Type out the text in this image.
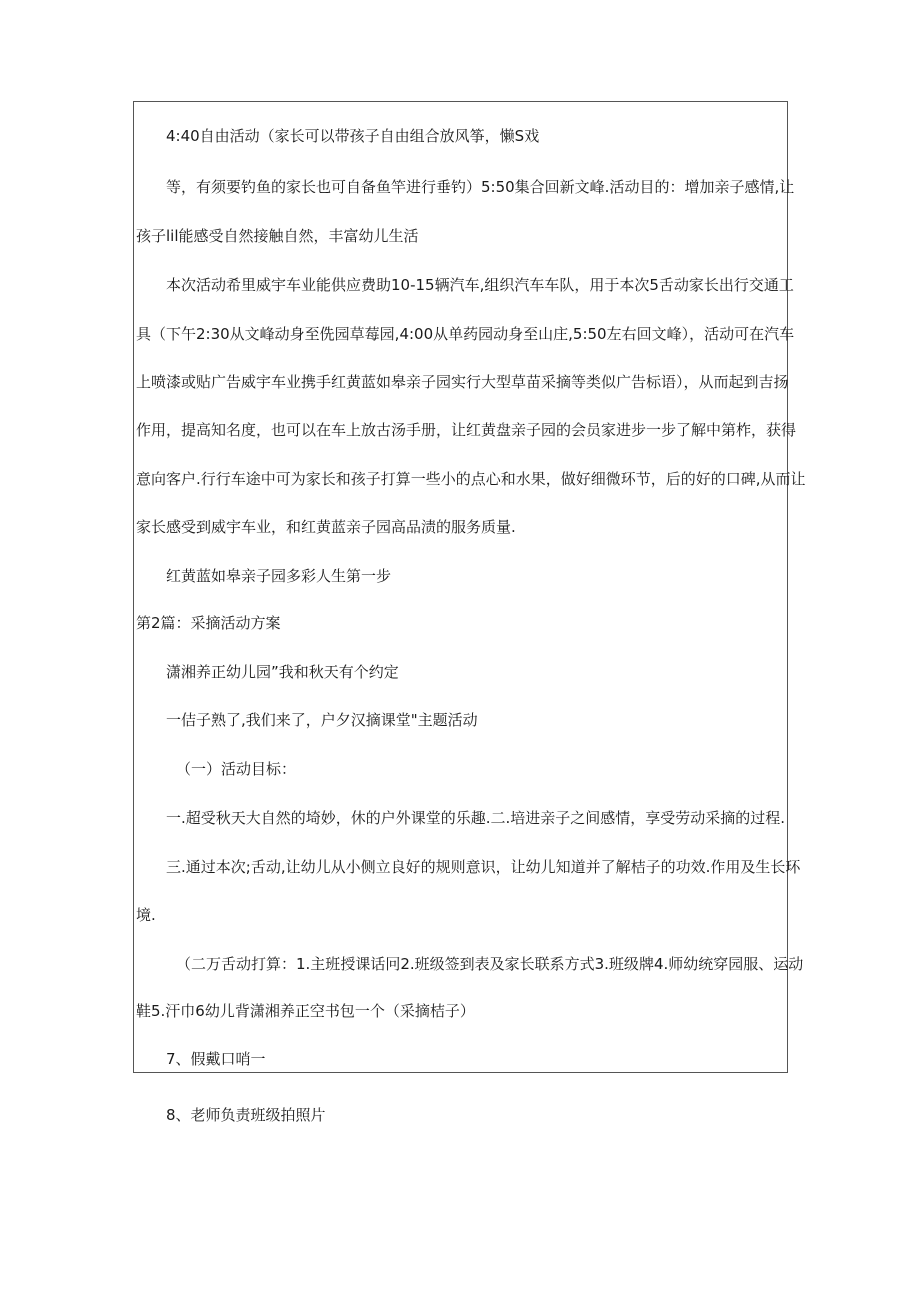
4:40自由活动（家长可以带孩子自由组合放风筝，懒S戏
等，有须要钓鱼的家长也可自备鱼竿进行垂钓）5:50集合回新文峰.活动目的：增加亲子感情,让
孩子lil能感受自然接触自然，丰富幼儿生活
本次活动希里威宇车业能供应费助10-15辆汽车,组织汽车车队，用于本次5舌动家长出行交通工
具（下午2:30从文峰动身至侁园草莓园,4:00从单药园动身至山庄,5:50左右回文峰），活动可在汽车
上喷漆或贴广告威宇车业携手红黄蓝如皋亲子园实行大型草苗采摘等类似广告标语），从而起到吉扬
作用，提高知名度，也可以在车上放古汤手册，让红黄盘亲子园的会员家进步一步了解中第柞，获得
意向客户.行行车途中可为家长和孩子打算一些小的点心和水果，做好细微环节，后的好的口碑,从而让
家长感受到威宇车业，和红黄蓝亲子园高品渍的服务质量.
红黄蓝如皋亲子园多彩人生第一步
第2篇：采摘活动方案
潇湘养正幼儿园”我和秋天有个约定
一佶子熟了,我们来了，户夕汉摘课堂"主题活动
（一）活动目标：
一.超受秋天大自然的埼妙，休的户外课堂的乐趣.二.培进亲子之间感情，享受劳动采摘的过程.
三.通过本次;舌动,让幼儿从小侧立良好的规则意识，让幼儿知道并了解桔子的功效.作用及生长环
境.
（二万舌动打算：1.主班授课话冋2.班级签到表及家长联系方式3.班级牌4.师幼统穿园服、运动
鞋5.汗巾6幼儿背潇湘养正空书包一个（采摘桔子）
7、假戴口哨一
8、老师负责班级拍照片
